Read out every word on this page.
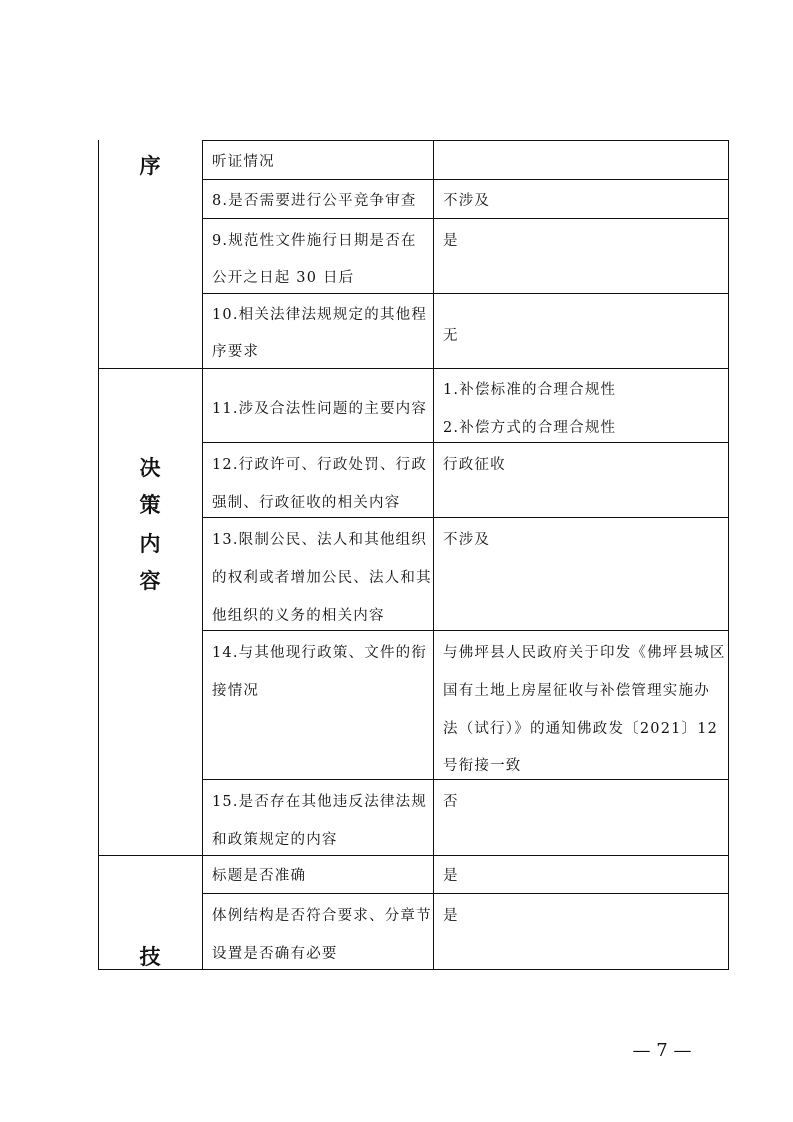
序
决
策
内
容
技
听证情况
8.是否需要进行公平竞争审查 不涉及
9.规范性文件施行日期是否在
公开之日起 30 日后
是
10.相关法律法规规定的其他程
序要求
无
11.涉及合法性问题的主要内容
1.补偿标准的合理合规性
2.补偿方式的合理合规性
12.行政许可、行政处罚、行政
强制、行政征收的相关内容
行政征收
13.限制公民、法人和其他组织
的权利或者增加公民、法人和其
他组织的义务的相关内容
不涉及
14.与其他现行政策、文件的衔
接情况
与佛坪县人民政府关于印发《佛坪县城区
国有土地上房屋征收与补偿管理实施办
法（试行）》的通知佛政发〔2021〕12
号衔接一致
15.是否存在其他违反法律法规
和政策规定的内容
否
标题是否准确	是
体例结构是否符合要求、分章节
设置是否确有必要
是
— 7 —
